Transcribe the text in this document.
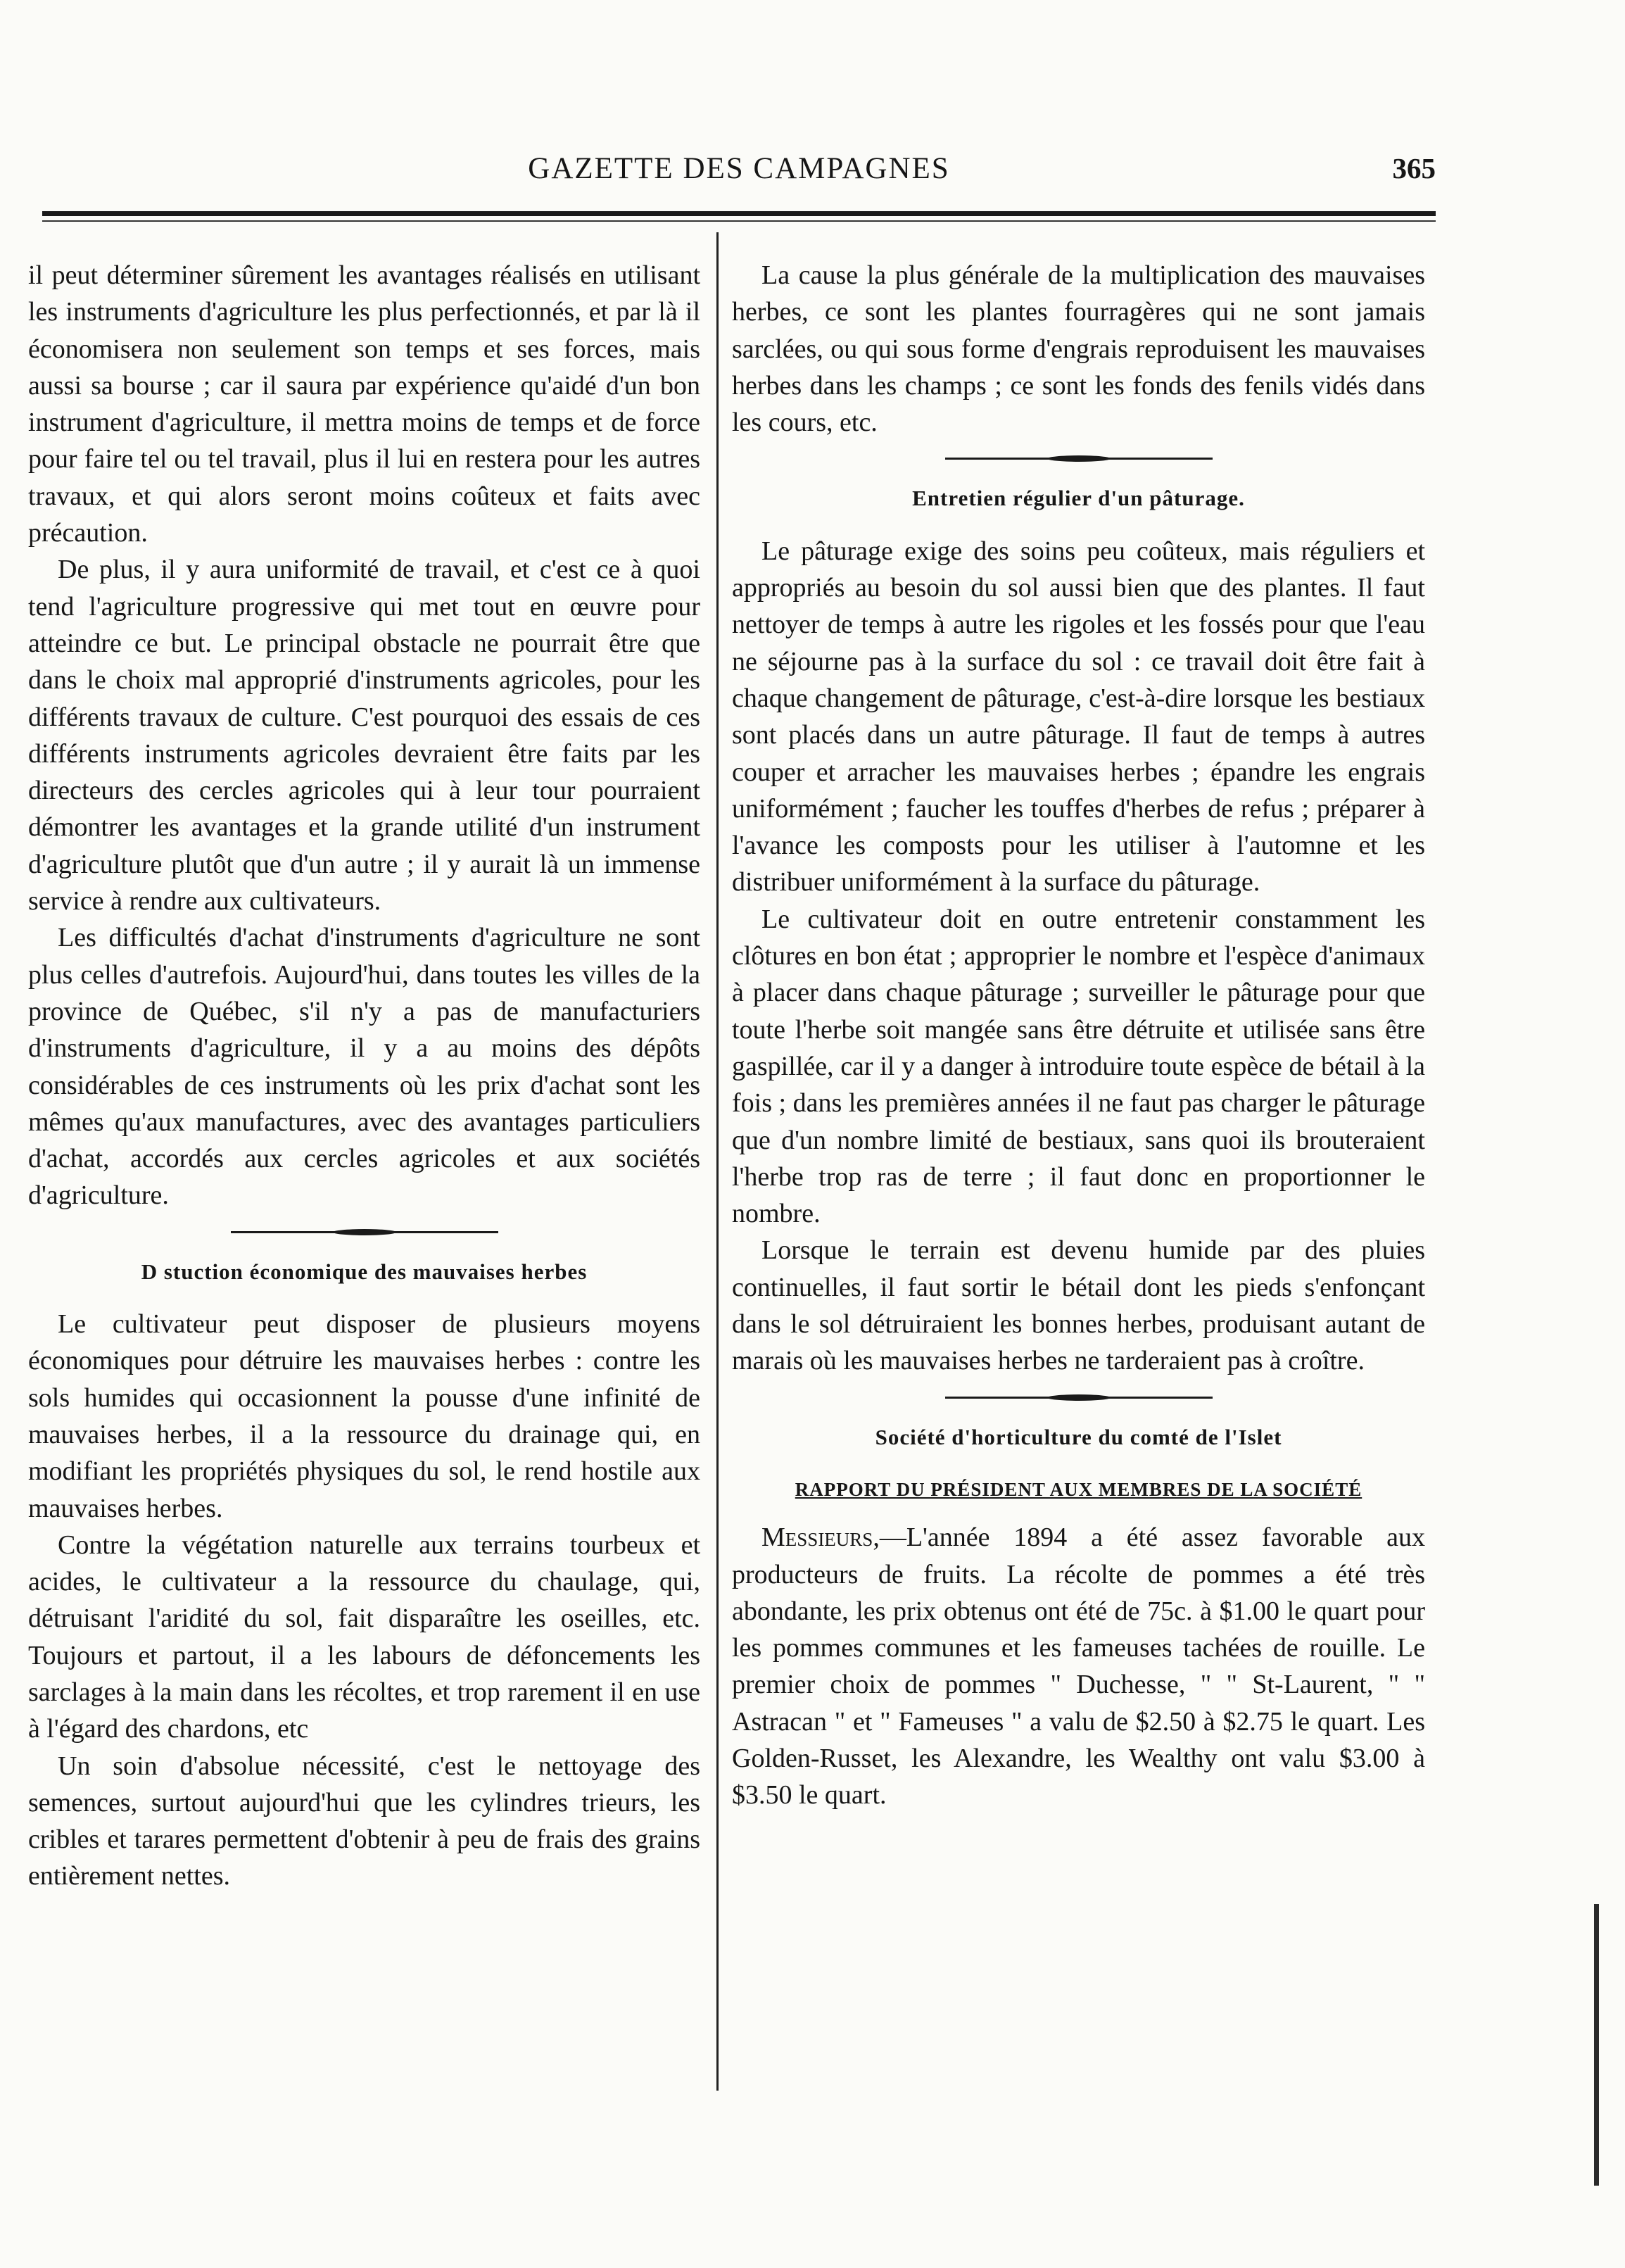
GAZETTE DES CAMPAGNES	365

il peut déterminer sûrement les avantages réalisés en utilisant les instruments d'agriculture les plus perfectionnés, et par là il économisera non seulement son temps et ses forces, mais aussi sa bourse ; car il saura par expérience qu'aidé d'un bon instrument d'agriculture, il mettra moins de temps et de force pour faire tel ou tel travail, plus il lui en restera pour les autres travaux, et qui alors seront moins coûteux et faits avec précaution.

De plus, il y aura uniformité de travail, et c'est ce à quoi tend l'agriculture progressive qui met tout en œuvre pour atteindre ce but. Le principal obstacle ne pourrait être que dans le choix mal approprié d'instruments agricoles, pour les différents travaux de culture. C'est pourquoi des essais de ces différents instruments agricoles devraient être faits par les directeurs des cercles agricoles qui à leur tour pourraient démontrer les avantages et la grande utilité d'un instrument d'agriculture plutôt que d'un autre ; il y aurait là un immense service à rendre aux cultivateurs.

Les difficultés d'achat d'instruments d'agriculture ne sont plus celles d'autrefois. Aujourd'hui, dans toutes les villes de la province de Québec, s'il n'y a pas de manufacturiers d'instruments d'agriculture, il y a au moins des dépôts considérables de ces instruments où les prix d'achat sont les mêmes qu'aux manufactures, avec des avantages particuliers d'achat, accordés aux cercles agricoles et aux sociétés d'agriculture.

D stuction économique des mauvaises herbes

Le cultivateur peut disposer de plusieurs moyens économiques pour détruire les mauvaises herbes : contre les sols humides qui occasionnent la pousse d'une infinité de mauvaises herbes, il a la ressource du drainage qui, en modifiant les propriétés physiques du sol, le rend hostile aux mauvaises herbes.

Contre la végétation naturelle aux terrains tourbeux et acides, le cultivateur a la ressource du chaulage, qui, détruisant l'aridité du sol, fait disparaître les oseilles, etc. Toujours et partout, il a les labours de défoncements les sarclages à la main dans les récoltes, et trop rarement il en use à l'égard des chardons, etc

Un soin d'absolue nécessité, c'est le nettoyage des semences, surtout aujourd'hui que les cylindres trieurs, les cribles et tarares permettent d'obtenir à peu de frais des grains entièrement nettes.

La cause la plus générale de la multiplication des mauvaises herbes, ce sont les plantes fourragères qui ne sont jamais sarclées, ou qui sous forme d'engrais reproduisent les mauvaises herbes dans les champs ; ce sont les fonds des fenils vidés dans les cours, etc.

Entretien régulier d'un pâturage.

Le pâturage exige des soins peu coûteux, mais réguliers et appropriés au besoin du sol aussi bien que des plantes. Il faut nettoyer de temps à autre les rigoles et les fossés pour que l'eau ne séjourne pas à la surface du sol : ce travail doit être fait à chaque changement de pâturage, c'est-à-dire lorsque les bestiaux sont placés dans un autre pâturage. Il faut de temps à autres couper et arracher les mauvaises herbes ; épandre les engrais uniformément ; faucher les touffes d'herbes de refus ; préparer à l'avance les composts pour les utiliser à l'automne et les distribuer uniformément à la surface du pâturage.

Le cultivateur doit en outre entretenir constamment les clôtures en bon état ; approprier le nombre et l'espèce d'animaux à placer dans chaque pâturage ; surveiller le pâturage pour que toute l'herbe soit mangée sans être détruite et utilisée sans être gaspillée, car il y a danger à introduire toute espèce de bétail à la fois ; dans les premières années il ne faut pas charger le pâturage que d'un nombre limité de bestiaux, sans quoi ils brouteraient l'herbe trop ras de terre ; il faut donc en proportionner le nombre.

Lorsque le terrain est devenu humide par des pluies continuelles, il faut sortir le bétail dont les pieds s'enfonçant dans le sol détruiraient les bonnes herbes, produisant autant de marais où les mauvaises herbes ne tarderaient pas à croître.

Société d'horticulture du comté de l'Islet
RAPPORT DU PRÉSIDENT AUX MEMBRES DE LA SOCIÉTÉ

Messieurs,—L'année 1894 a été assez favorable aux producteurs de fruits. La récolte de pommes a été très abondante, les prix obtenus ont été de 75c. à $1.00 le quart pour les pommes communes et les fameuses tachées de rouille. Le premier choix de pommes " Duchesse, " " St-Laurent, " " Astracan " et " Fameuses " a valu de $2.50 à $2.75 le quart. Les Golden-Russet, les Alexandre, les Wealthy ont valu $3.00 à $3.50 le quart.
